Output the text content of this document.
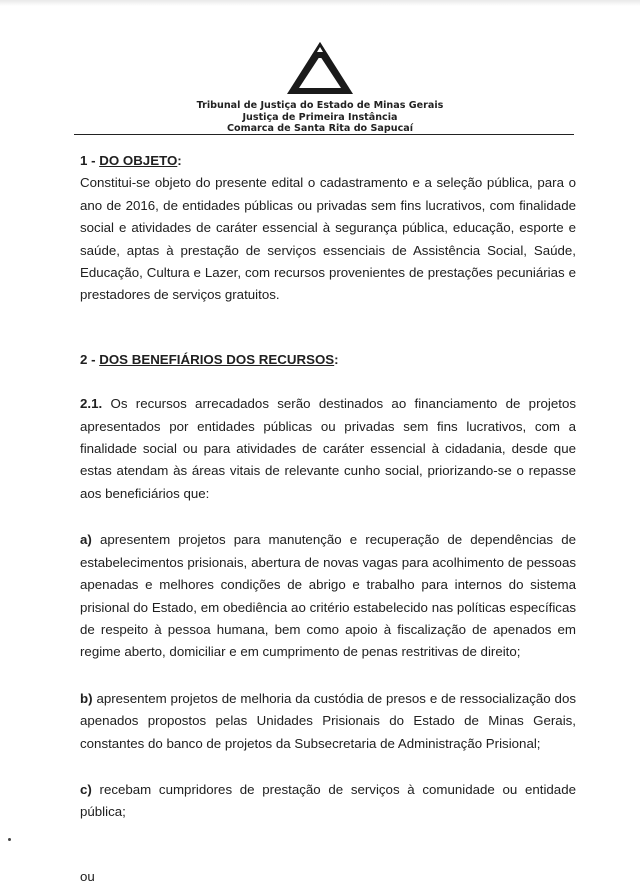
Tribunal de Justiça do Estado de Minas Gerais
Justiça de Primeira Instância
Comarca de Santa Rita do Sapucaí

1 - DO OBJETO:

Constitui-se objeto do presente edital o cadastramento e a seleção pública, para o ano de 2016, de entidades públicas ou privadas sem fins lucrativos, com finalidade social e atividades de caráter essencial à segurança pública, educação, esporte e saúde, aptas à prestação de serviços essenciais de Assistência Social, Saúde, Educação, Cultura e Lazer, com recursos provenientes de prestações pecuniárias e prestadores de serviços gratuitos.

2 - DOS BENEFIÁRIOS DOS RECURSOS:

2.1. Os recursos arrecadados serão destinados ao financiamento de projetos apresentados por entidades públicas ou privadas sem fins lucrativos, com a finalidade social ou para atividades de caráter essencial à cidadania, desde que estas atendam às áreas vitais de relevante cunho social, priorizando-se o repasse aos beneficiários que:

a) apresentem projetos para manutenção e recuperação de dependências de estabelecimentos prisionais, abertura de novas vagas para acolhimento de pessoas apenadas e melhores condições de abrigo e trabalho para internos do sistema prisional do Estado, em obediência ao critério estabelecido nas políticas específicas de respeito à pessoa humana, bem como apoio à fiscalização de apenados em regime aberto, domiciliar e em cumprimento de penas restritivas de direito;

b) apresentem projetos de melhoria da custódia de presos e de ressocialização dos apenados propostos pelas Unidades Prisionais do Estado de Minas Gerais, constantes do banco de projetos da Subsecretaria de Administração Prisional;

c) recebam cumpridores de prestação de serviços à comunidade ou entidade   pública;

ou
